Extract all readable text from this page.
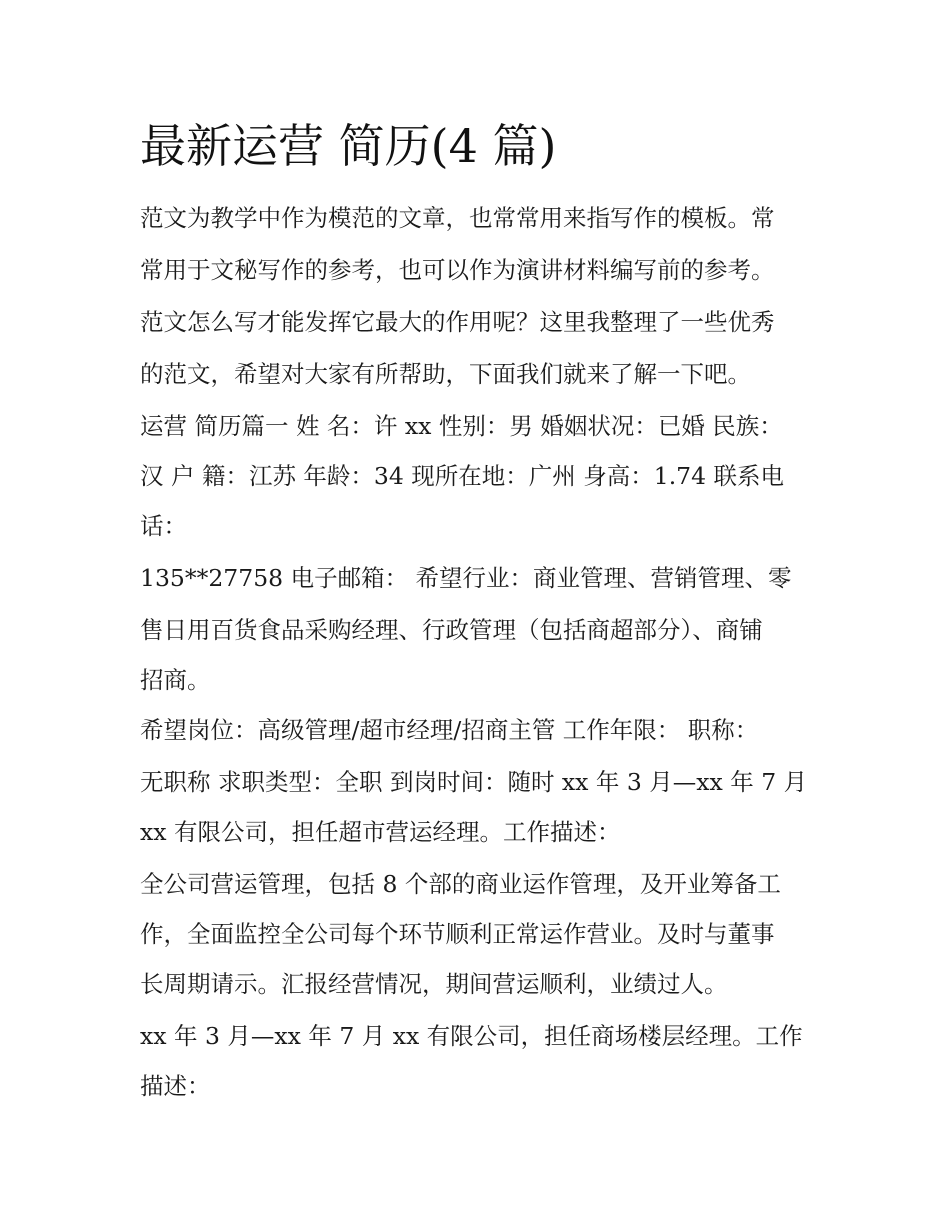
最新运营 简历(4 篇)

范文为教学中作为模范的文章，也常常用来指写作的模板。常

常用于文秘写作的参考，也可以作为演讲材料编写前的参考。

范文怎么写才能发挥它最大的作用呢？这里我整理了一些优秀

的范文，希望对大家有所帮助，下面我们就来了解一下吧。

运营 简历篇一 姓 名：许 xx 性别：男 婚姻状况：已婚 民族：

汉 户 籍：江苏 年龄：34 现所在地：广州 身高：1.74 联系电

话：

135**27758 电子邮箱： 希望行业：商业管理、营销管理、零

售日用百货食品采购经理、行政管理（包括商超部分）、商铺

招商。

希望岗位：高级管理/超市经理/招商主管 工作年限： 职称：

无职称 求职类型：全职 到岗时间：随时 xx 年 3 月—xx 年 7 月

xx 有限公司，担任超市营运经理。工作描述：

全公司营运管理，包括 8 个部的商业运作管理，及开业筹备工

作，全面监控全公司每个环节顺利正常运作营业。及时与董事

长周期请示。汇报经营情况，期间营运顺利，业绩过人。

xx 年 3 月—xx 年 7 月 xx 有限公司，担任商场楼层经理。工作

描述：
